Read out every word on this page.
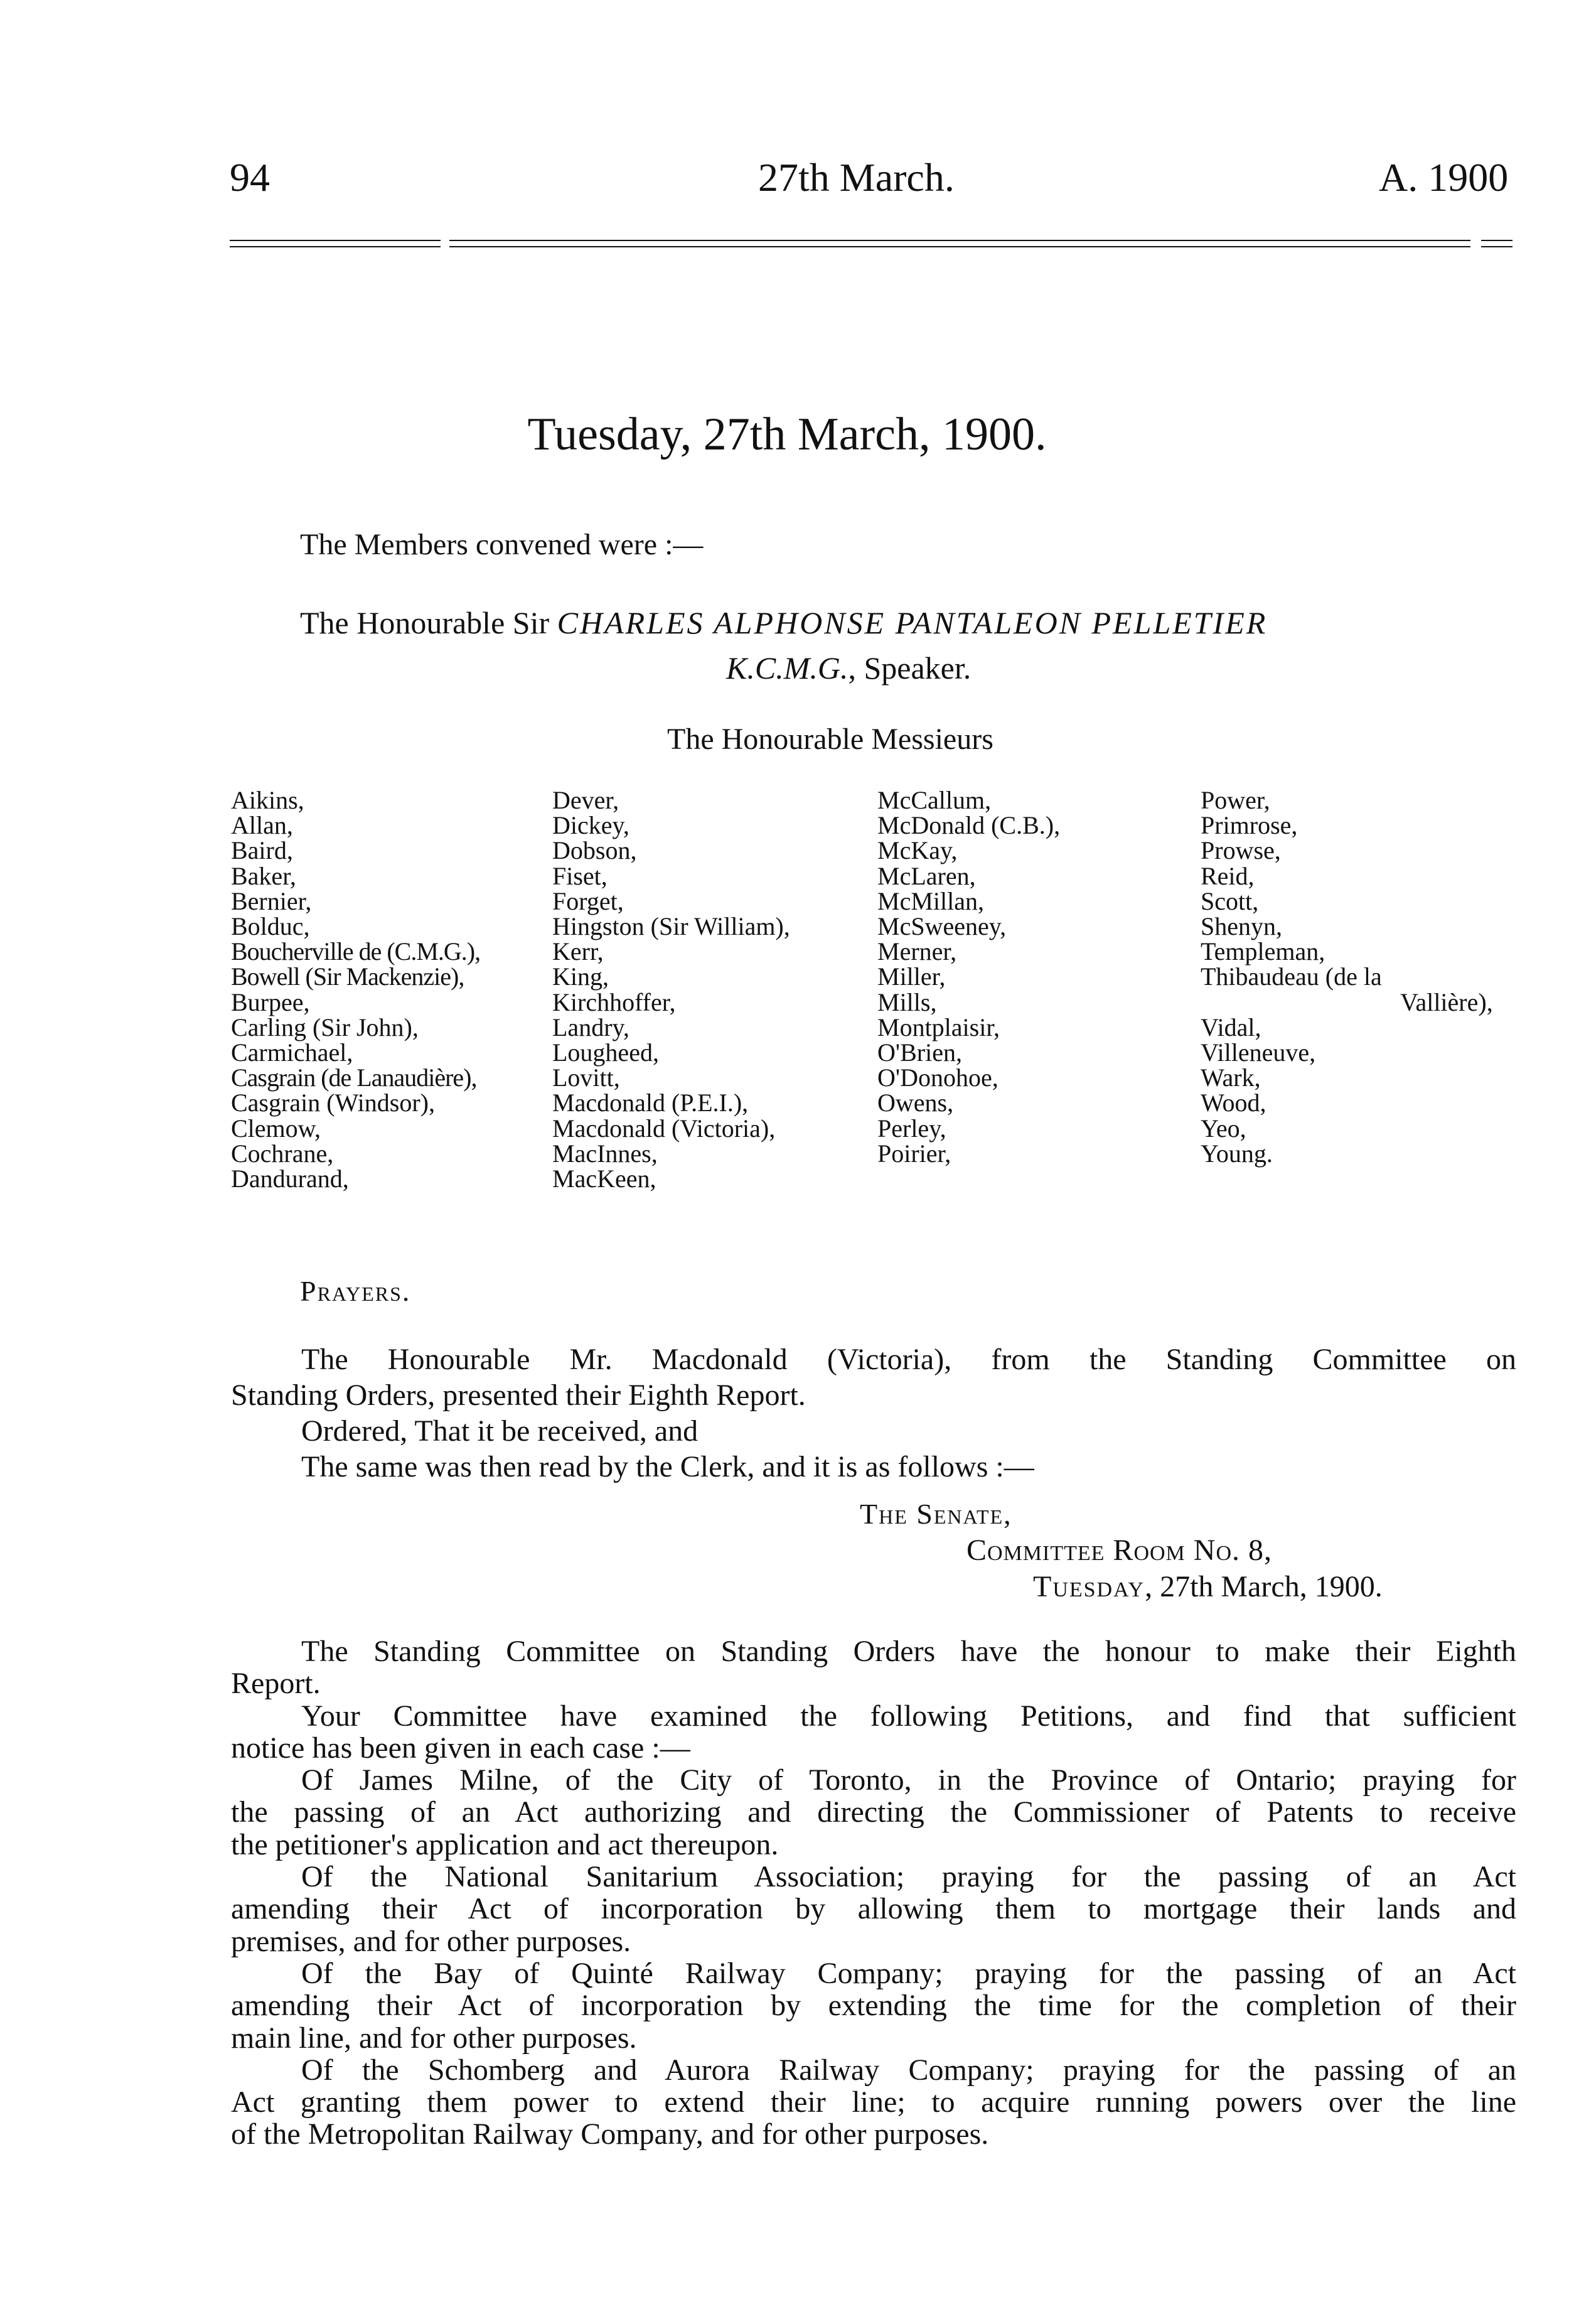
94	27th March.	A. 1900
Tuesday, 27th March, 1900.
The Members convened were :—
The Honourable Sir CHARLES ALPHONSE PANTALEON PELLETIER
K.C.M.G., Speaker.
The Honourable Messieurs
Aikins,
Allan,
Baird,
Baker,
Bernier,
Bolduc,
Boucherville de (C.M.G.),
Bowell (Sir Mackenzie),
Burpee,
Carling (Sir John),
Carmichael,
Casgrain (de Lanaudière),
Casgrain (Windsor),
Clemow,
Cochrane,
Dandurand,
Dever,
Dickey,
Dobson,
Fiset,
Forget,
Hingston (Sir William),
Kerr,
King,
Kirchhoffer,
Landry,
Lougheed,
Lovitt,
Macdonald (P.E.I.),
Macdonald (Victoria),
MacInnes,
MacKeen,
McCallum,
McDonald (C.B.),
McKay,
McLaren,
McMillan,
McSweeney,
Merner,
Miller,
Mills,
Montplaisir,
O'Brien,
O'Donohoe,
Owens,
Perley,
Poirier,
Power,
Primrose,
Prowse,
Reid,
Scott,
Shenyn,
Templeman,
Thibaudeau (de la
Vallière),
Vidal,
Villeneuve,
Wark,
Wood,
Yeo,
Young.
Prayers.
The Honourable Mr. Macdonald (Victoria), from the Standing Committee on
Standing Orders, presented their Eighth Report.
Ordered, That it be received, and
The same was then read by the Clerk, and it is as follows :—
The Senate,
Committee Room No. 8,
Tuesday, 27th March, 1900.
The Standing Committee on Standing Orders have the honour to make their Eighth
Report.
Your Committee have examined the following Petitions, and find that sufficient
notice has been given in each case :—
Of James Milne, of the City of Toronto, in the Province of Ontario; praying for
the passing of an Act authorizing and directing the Commissioner of Patents to receive
the petitioner's application and act thereupon.
Of the National Sanitarium Association; praying for the passing of an Act
amending their Act of incorporation by allowing them to mortgage their lands and
premises, and for other purposes.
Of the Bay of Quinté Railway Company; praying for the passing of an Act
amending their Act of incorporation by extending the time for the completion of their
main line, and for other purposes.
Of the Schomberg and Aurora Railway Company; praying for the passing of an
Act granting them power to extend their line; to acquire running powers over the line
of the Metropolitan Railway Company, and for other purposes.
